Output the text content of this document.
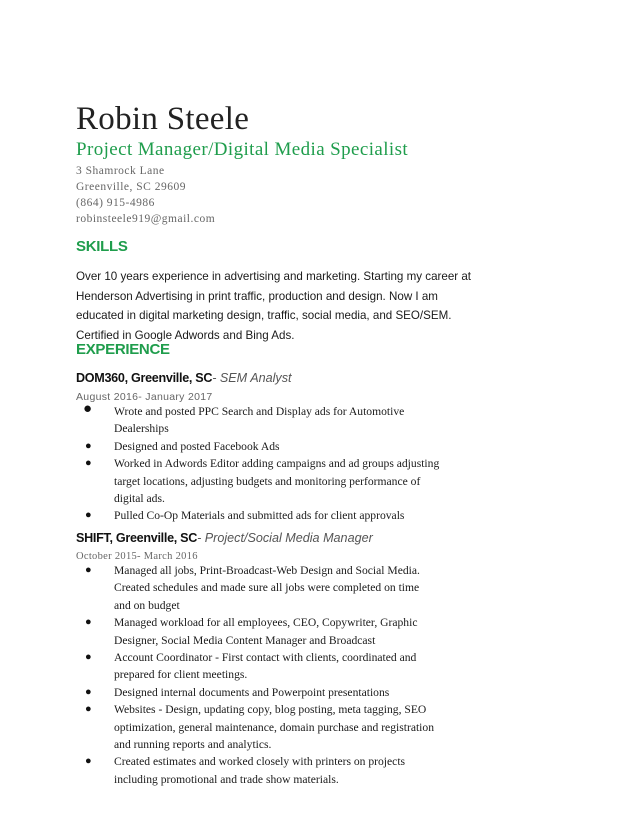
Robin Steele
Project Manager/Digital Media Specialist
3 Shamrock Lane
Greenville, SC 29609
(864) 915-4986
robinsteele919@gmail.com
SKILLS
Over 10 years experience in advertising and marketing. Starting my career at
Henderson Advertising in print traffic, production and design. Now I am
educated in digital marketing design, traffic, social media, and SEO/SEM.
Certified in Google Adwords and Bing Ads.
EXPERIENCE
DOM360, Greenville, SC- SEM Analyst
August 2016- January 2017
● Wrote and posted PPC Search and Display ads for Automotive
Dealerships
● Designed and posted Facebook Ads
● Worked in Adwords Editor adding campaigns and ad groups adjusting
target locations, adjusting budgets and monitoring performance of
digital ads.
● Pulled Co-Op Materials and submitted ads for client approvals
SHIFT, Greenville, SC- Project/Social Media Manager
October 2015- March 2016
● Managed all jobs, Print-Broadcast-Web Design and Social Media.
Created schedules and made sure all jobs were completed on time
and on budget
● Managed workload for all employees, CEO, Copywriter, Graphic
Designer, Social Media Content Manager and Broadcast
● Account Coordinator - First contact with clients, coordinated and
prepared for client meetings.
● Designed internal documents and Powerpoint presentations
● Websites - Design, updating copy, blog posting, meta tagging, SEO
optimization, general maintenance, domain purchase and registration
and running reports and analytics.
● Created estimates and worked closely with printers on projects
including promotional and trade show materials.
